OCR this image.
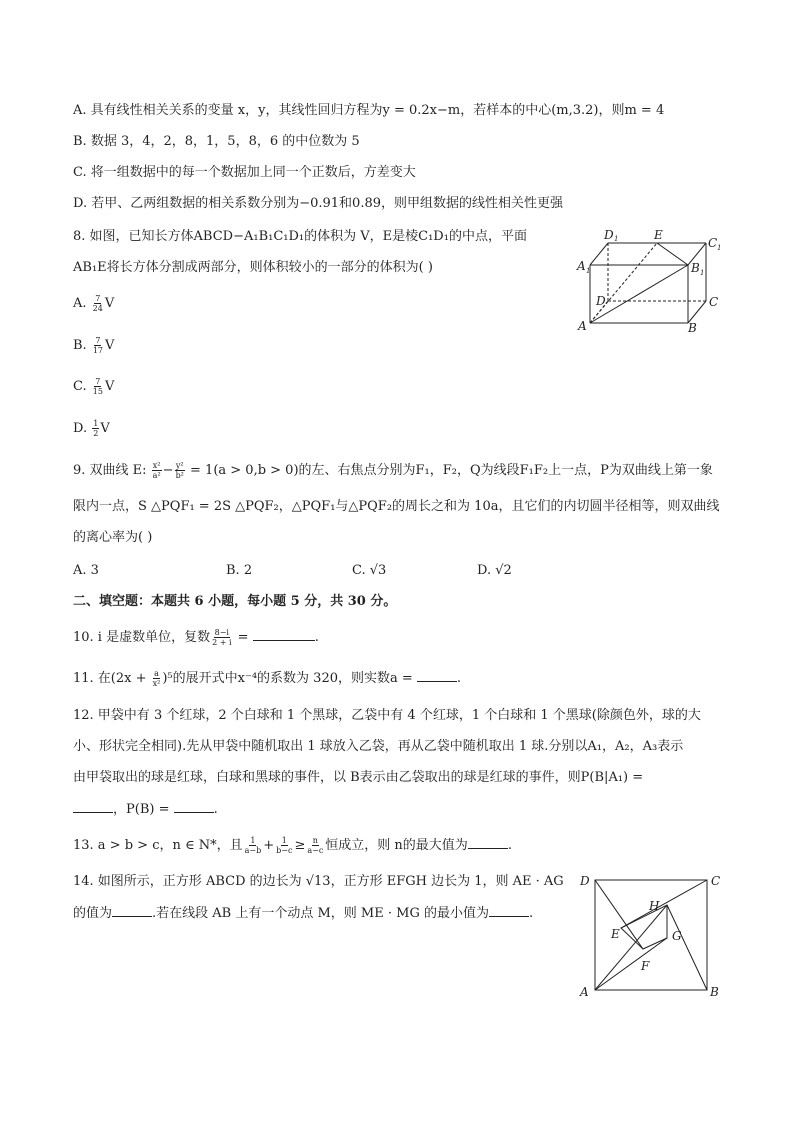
A. 具有线性相关关系的变量 x，y，其线性回归方程为y = 0.2x−m，若样本的中心(m,3.2)，则m = 4
B. 数据 3，4，2，8，1，5，8，6 的中位数为 5
C. 将一组数据中的每一个数据加上同一个正数后，方差变大
D. 若甲、乙两组数据的相关系数分别为−0.91和0.89，则甲组数据的线性相关性更强
8. 如图，已知长方体ABCD−A₁B₁C₁D₁的体积为 V，E是棱C₁D₁的中点，平面
AB₁E将长方体分割成两部分，则体积较小的一部分的体积为( )
A. $\frac{7}{24}$ V
B. $\frac{7}{17}$ V
C. $\frac{7}{15}$ V
D. $\frac{1}{2}$ V
D 1	E
C 1
A 1	B 1
D	C
A	B
9. 双曲线 E: $\frac{\text{x²}}{\text{a²}} - \frac{\text{y²}}{\text{b²}} = 1(a > 0,b > 0)$的左、右焦点分别为F₁，F₂，Q为线段F₁F₂上一点，P为双曲线上第一象
限内一点，S △PQF₁ = 2S △PQF₂，△PQF₁与△PQF₂的周长之和为 10a，且它们的内切圆半径相等，则双曲线
的离心率为( )
A. 3	B. 2	C. √3	D. √2
二、填空题：本题共 6 小题，每小题 5 分，共 30 分。
10. i 是虚数单位，复数 $\frac{8-i}{2 + i}$ =	.
11. 在$(2x + \frac{a}{\text{x²}} )^5$的展开式中x⁻⁴的系数为 320，则实数a =	.
12. 甲袋中有 3 个红球，2 个白球和 1 个黑球，乙袋中有 4 个红球，1 个白球和 1 个黑球(除颜色外，球的大
小、形状完全相同).先从甲袋中随机取出 1 球放入乙袋，再从乙袋中随机取出 1 球.分别以A₁，A₂，A₃表示
由甲袋取出的球是红球，白球和黑球的事件，以 B表示由乙袋取出的球是红球的事件，则P(B|A₁) =
，P(B) =	.
13. a > b > c，n ∈ N*，且 $\frac{1}{a-b} + \frac{1}{b-c} \ge \frac{n}{a-c}$ 恒成立，则 n的最大值为	.
14. 如图所示，正方形 ABCD 的边长为 √13，正方形 EFGH 边长为 1，则 AE · AG
的值为	.若在线段 AB 上有一个动点 M，则 ME · MG 的最小值为	.
D	C
H
E	G
F
A	B
